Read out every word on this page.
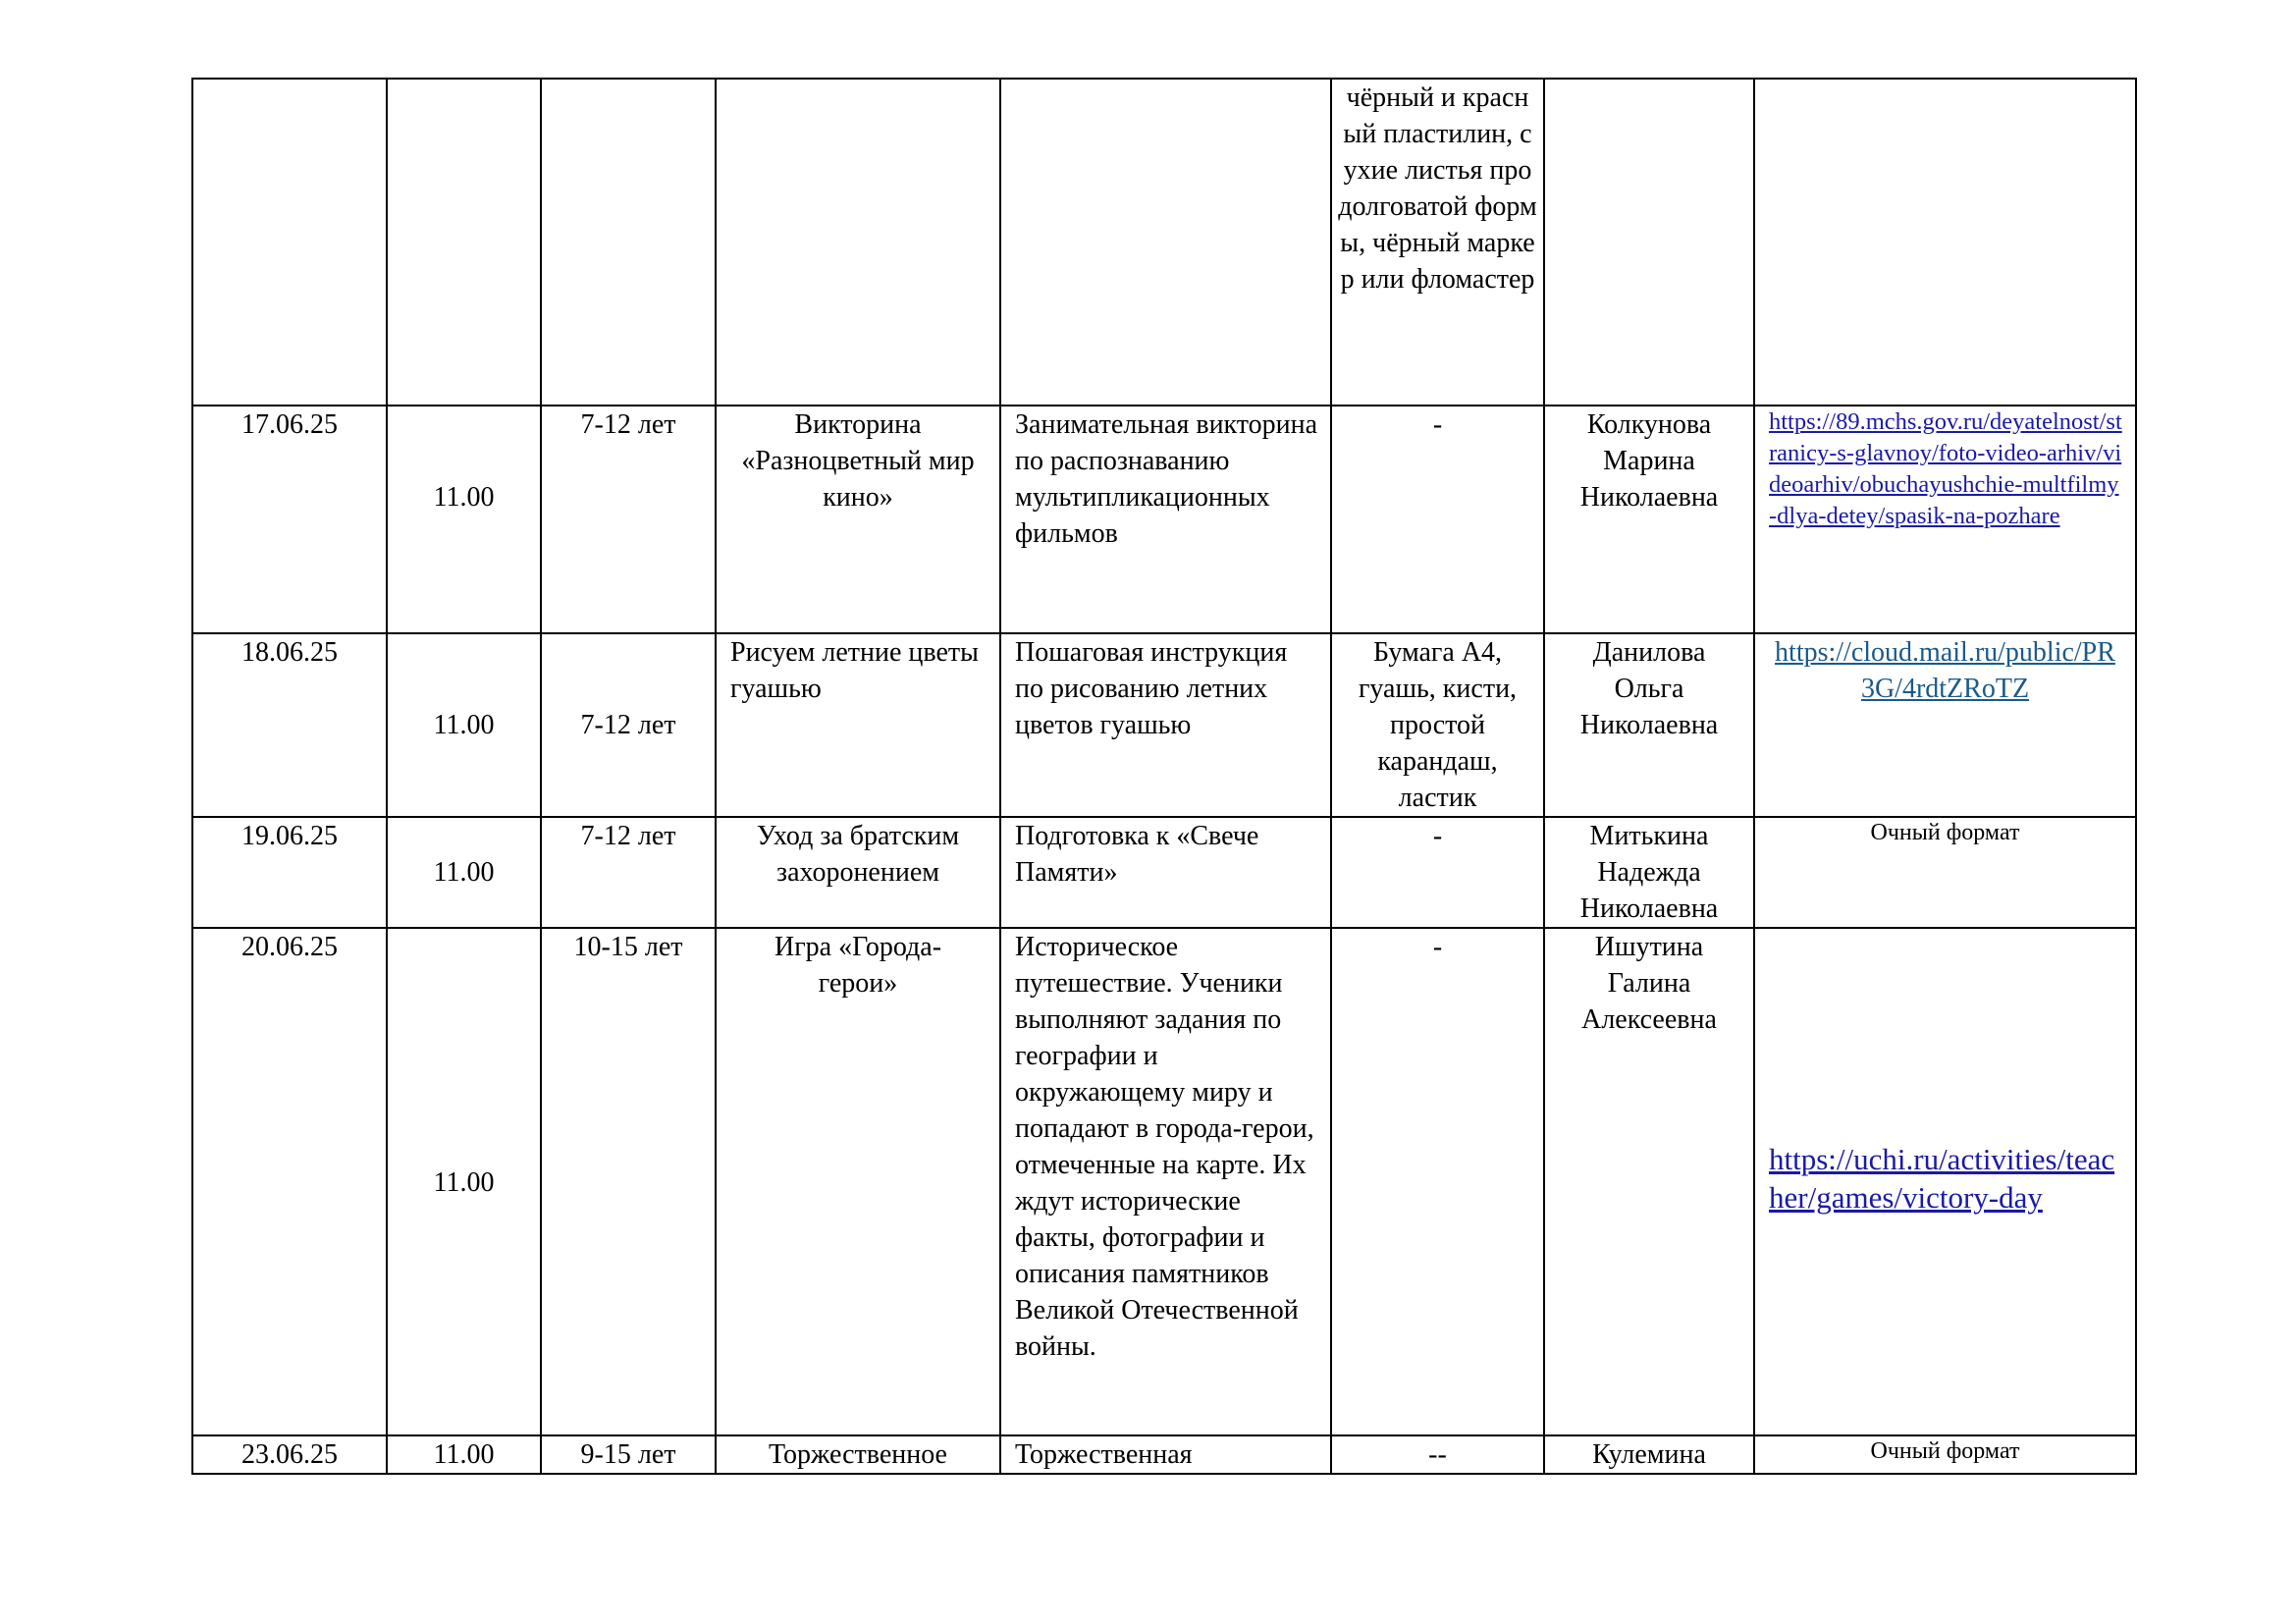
					чёрный и красный пластилин, сухие листья продолговатой формы, чёрный маркер или фломастер		

17.06.25	11.00	7-12 лет	Викторина «Разноцветный мир кино»	Занимательная викторина по распознаванию мультипликационных фильмов	-	Колкунова Марина Николаевна	https://89.mchs.gov.ru/deyatelnost/stranicy-s-glavnoy/foto-video-arhiv/videoarhiv/obuchayushchie-multfilmy-dlya-detey/spasik-na-pozhare

18.06.25	11.00	7-12 лет	Рисуем летние цветы гуашью	Пошаговая инструкция по рисованию летних цветов гуашью	Бумага А4, гуашь, кисти, простой карандаш, ластик	Данилова Ольга Николаевна	https://cloud.mail.ru/public/PR3G/4rdtZRoTZ

19.06.25	11.00	7-12 лет	Уход за братским захоронением	Подготовка к «Свече Памяти»	-	Митькина Надежда Николаевна	Очный формат

20.06.25	11.00	10-15 лет	Игра «Города-герои»	Историческое путешествие. Ученики выполняют задания по географии и окружающему миру и попадают в города-герои, отмеченные на карте. Их ждут исторические факты, фотографии и описания памятников Великой Отечественной войны.	-	Ишутина Галина Алексеевна	https://uchi.ru/activities/teacher/games/victory-day

23.06.25	11.00	9-15 лет	Торжественное	Торжественная	--	Кулемина	Очный формат
